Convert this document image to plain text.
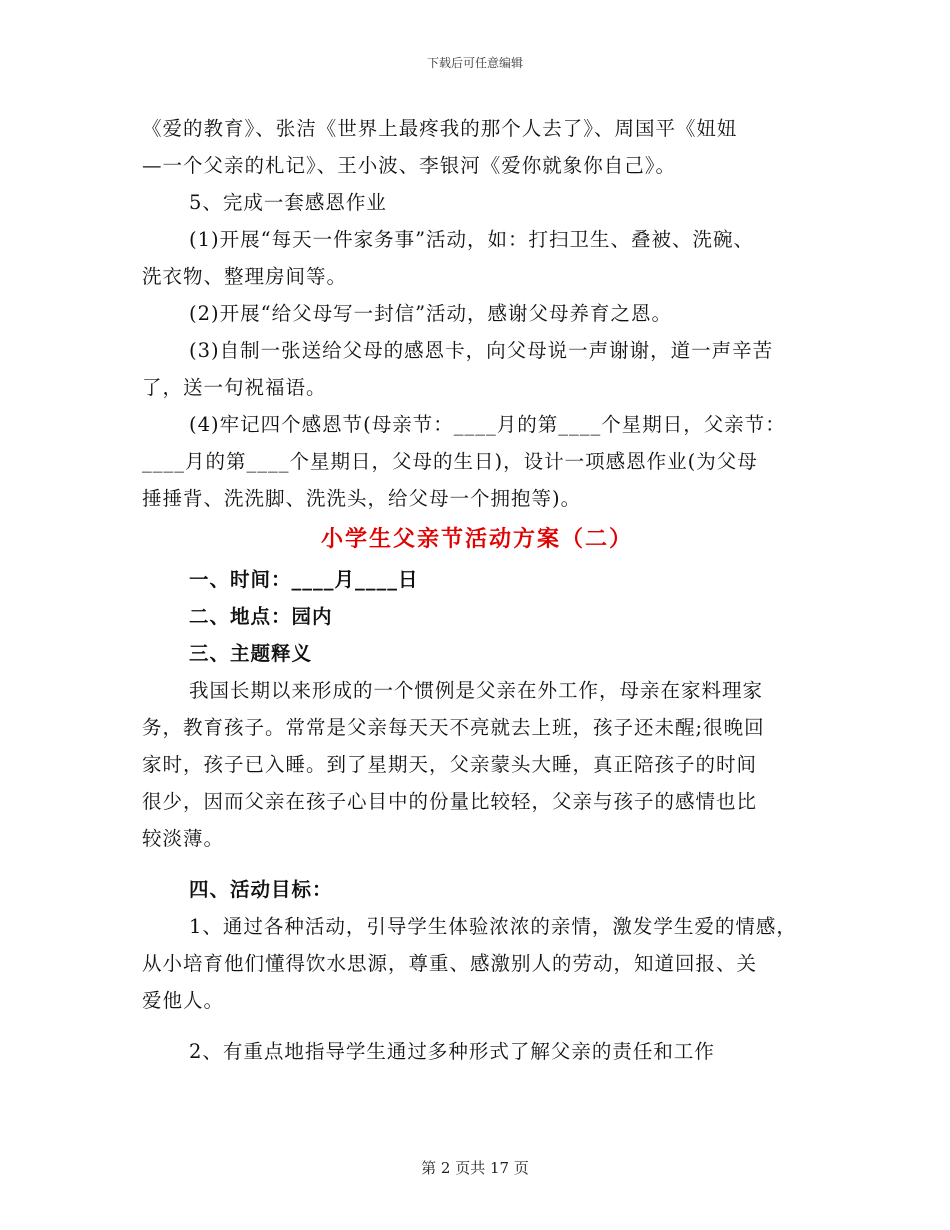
下载后可任意编辑
《爱的教育》、张洁《世界上最疼我的那个人去了》、周国平《妞妞
—一个父亲的札记》、王小波、李银河《爱你就象你自己》。
5、完成一套感恩作业
(1)开展“每天一件家务事”活动，如：打扫卫生、叠被、洗碗、
洗衣物、整理房间等。
(2)开展“给父母写一封信”活动，感谢父母养育之恩。
(3)自制一张送给父母的感恩卡，向父母说一声谢谢，道一声辛苦
了，送一句祝福语。
(4)牢记四个感恩节(母亲节：____月的第____个星期日，父亲节：
____月的第____个星期日，父母的生日)，设计一项感恩作业(为父母
捶捶背、洗洗脚、洗洗头，给父母一个拥抱等)。
小学生父亲节活动方案（二）
一、时间：____月____日
二、地点：园内
三、主题释义
我国长期以来形成的一个惯例是父亲在外工作，母亲在家料理家
务，教育孩子。常常是父亲每天天不亮就去上班，孩子还未醒;很晚回
家时，孩子已入睡。到了星期天，父亲蒙头大睡，真正陪孩子的时间
很少，因而父亲在孩子心目中的份量比较轻，父亲与孩子的感情也比
较淡薄。
四、活动目标：
1、通过各种活动，引导学生体验浓浓的亲情，激发学生爱的情感，
从小培育他们懂得饮水思源，尊重、感激别人的劳动，知道回报、关
爱他人。
2、有重点地指导学生通过多种形式了解父亲的责任和工作
第 2 页共 17 页
